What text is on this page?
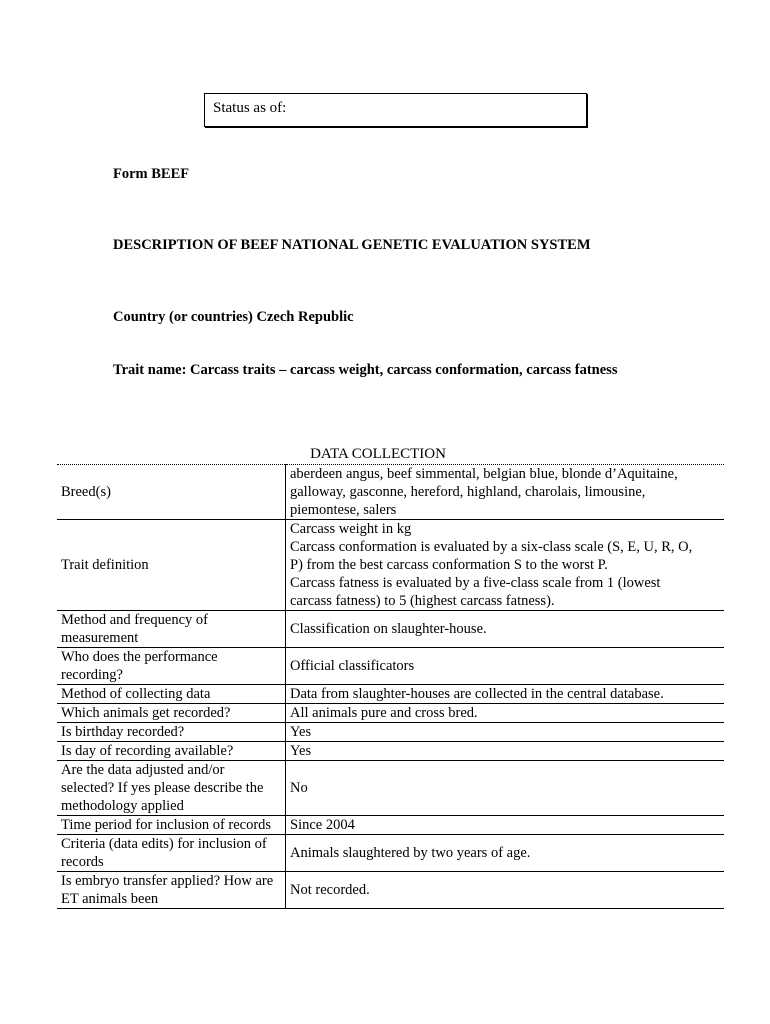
Status as of:
Form BEEF
DESCRIPTION OF BEEF NATIONAL GENETIC EVALUATION SYSTEM
Country (or countries) Czech Republic
Trait name: Carcass traits – carcass weight, carcass conformation, carcass fatness
DATA COLLECTION
Breed(s)	aberdeen angus, beef simmental, belgian blue, blonde d’Aquitaine,
galloway, gasconne, hereford, highland, charolais, limousine,
piemontese, salers

Trait definition	Carcass weight in kg
Carcass conformation is evaluated by a six-class scale (S, E, U, R, O,
P) from the best carcass conformation S to the worst P.
Carcass fatness is evaluated by a five-class scale from 1 (lowest
carcass fatness) to 5 (highest carcass fatness).

Method and frequency of measurement	Classification on slaughter-house.

Who does the performance recording?	Official classificators

Method of collecting data	Data from slaughter-houses are collected in the central database.

Which animals get recorded?	All animals pure and cross bred.

Is birthday recorded?	Yes

Is day of recording available?	Yes

Are the data adjusted and/or selected? If yes please describe the methodology applied	No

Time period for inclusion of records	Since 2004

Criteria (data edits) for inclusion of records	Animals slaughtered by two years of age.

Is embryo transfer applied? How are ET animals been	Not recorded.
